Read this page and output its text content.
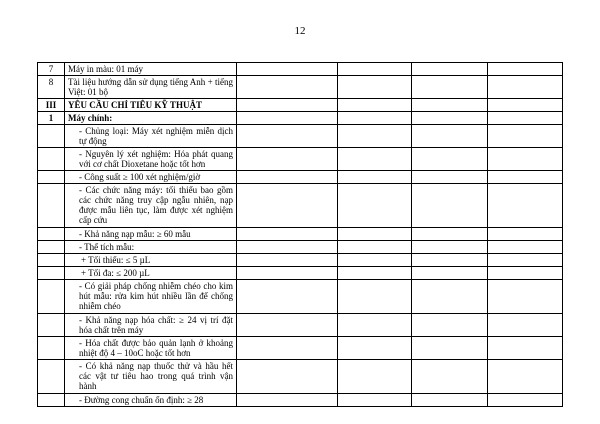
12
7	Máy in màu: 01 máy				
8	Tài liệu hướng dẫn sử dụng tiếng Anh + tiếng Việt: 01 bộ				
III	YÊU CẦU CHỈ TIÊU KỸ THUẬT				
1	Máy chính:				
	- Chủng loại: Máy xét nghiệm miễn dịch tự động				
	- Nguyên lý xét nghiệm: Hóa phát quang với cơ chất Dioxetane hoặc tốt hơn				
	- Công suất ≥ 100 xét nghiệm/giờ				
	- Các chức năng máy: tối thiểu bao gồm các chức năng truy cập ngẫu nhiên, nạp được mẫu liên tục, làm được xét nghiệm cấp cứu				
	- Khả năng nạp mẫu: ≥ 60 mẫu				
	- Thể tích mẫu:				
	+ Tối thiểu: ≤ 5 µL				
	+ Tối đa: ≤ 200 µL				
	- Có giải pháp chống nhiễm chéo cho kim hút mẫu: rửa kim hút nhiều lần để chống nhiễm chéo				
	- Khả năng nạp hóa chất: ≥ 24 vị trí đặt hóa chất trên máy				
	- Hóa chất được bảo quản lạnh ở khoảng nhiệt độ 4 – 10oC hoặc tốt hơn				
	- Có khả năng nạp thuốc thử và hầu hết các vật tư tiêu hao trong quá trình vận hành				
	- Đường cong chuẩn ổn định: ≥ 28				
